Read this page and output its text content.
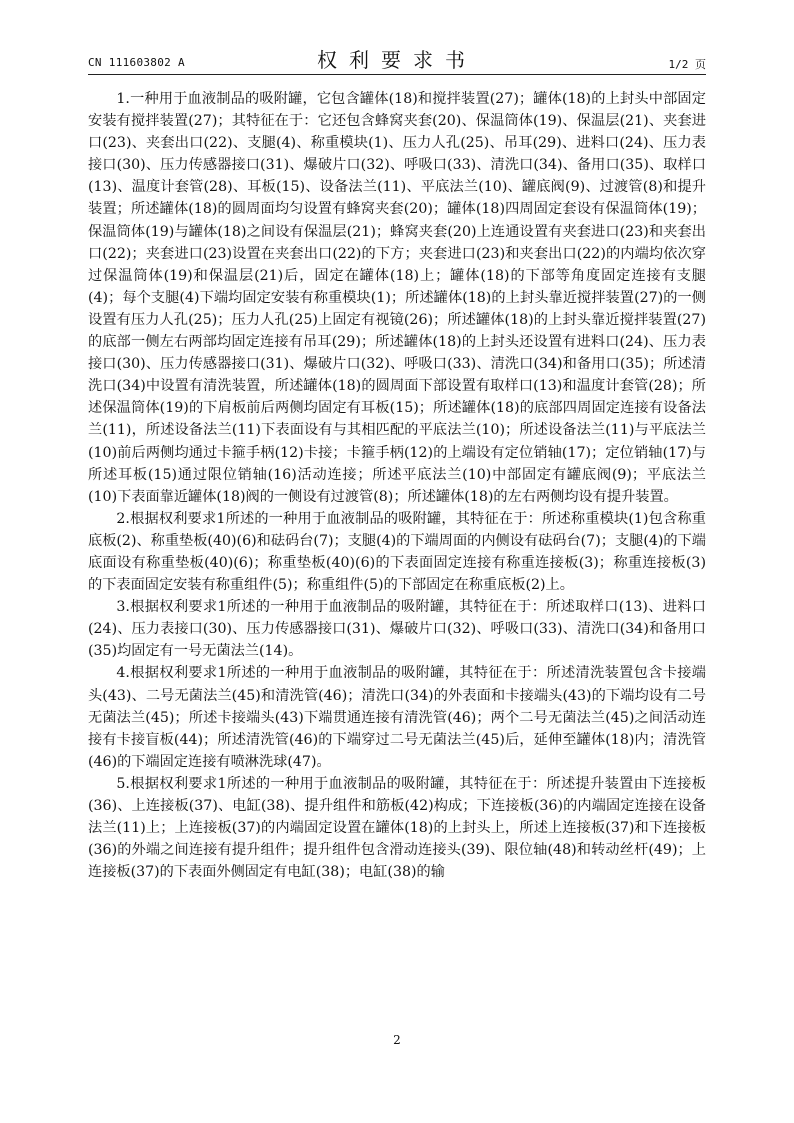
CN 111603802 A	权利要求书	1/2 页

1.一种用于血液制品的吸附罐，它包含罐体(18)和搅拌装置(27)；罐体(18)的上封头中部固定安装有搅拌装置(27)；其特征在于：它还包含蜂窝夹套(20)、保温筒体(19)、保温层(21)、夹套进口(23)、夹套出口(22)、支腿(4)、称重模块(1)、压力人孔(25)、吊耳(29)、进料口(24)、压力表接口(30)、压力传感器接口(31)、爆破片口(32)、呼吸口(33)、清洗口(34)、备用口(35)、取样口(13)、温度计套管(28)、耳板(15)、设备法兰(11)、平底法兰(10)、罐底阀(9)、过渡管(8)和提升装置；所述罐体(18)的圆周面均匀设置有蜂窝夹套(20)；罐体(18)四周固定套设有保温筒体(19)；保温筒体(19)与罐体(18)之间设有保温层(21)；蜂窝夹套(20)上连通设置有夹套进口(23)和夹套出口(22)；夹套进口(23)设置在夹套出口(22)的下方；夹套进口(23)和夹套出口(22)的内端均依次穿过保温筒体(19)和保温层(21)后，固定在罐体(18)上；罐体(18)的下部等角度固定连接有支腿(4)；每个支腿(4)下端均固定安装有称重模块(1)；所述罐体(18)的上封头靠近搅拌装置(27)的一侧设置有压力人孔(25)；压力人孔(25)上固定有视镜(26)；所述罐体(18)的上封头靠近搅拌装置(27)的底部一侧左右两部均固定连接有吊耳(29)；所述罐体(18)的上封头还设置有进料口(24)、压力表接口(30)、压力传感器接口(31)、爆破片口(32)、呼吸口(33)、清洗口(34)和备用口(35)；所述清洗口(34)中设置有清洗装置，所述罐体(18)的圆周面下部设置有取样口(13)和温度计套管(28)；所述保温筒体(19)的下肩板前后两侧均固定有耳板(15)；所述罐体(18)的底部四周固定连接有设备法兰(11)，所述设备法兰(11)下表面设有与其相匹配的平底法兰(10)；所述设备法兰(11)与平底法兰(10)前后两侧均通过卡箍手柄(12)卡接；卡箍手柄(12)的上端设有定位销轴(17)；定位销轴(17)与所述耳板(15)通过限位销轴(16)活动连接；所述平底法兰(10)中部固定有罐底阀(9)；平底法兰(10)下表面靠近罐体(18)阀的一侧设有过渡管(8)；所述罐体(18)的左右两侧均设有提升装置。

2.根据权利要求1所述的一种用于血液制品的吸附罐，其特征在于：所述称重模块(1)包含称重底板(2)、称重垫板(40)(6)和砝码台(7)；支腿(4)的下端周面的内侧设有砝码台(7)；支腿(4)的下端底面设有称重垫板(40)(6)；称重垫板(40)(6)的下表面固定连接有称重连接板(3)；称重连接板(3)的下表面固定安装有称重组件(5)；称重组件(5)的下部固定在称重底板(2)上。

3.根据权利要求1所述的一种用于血液制品的吸附罐，其特征在于：所述取样口(13)、进料口(24)、压力表接口(30)、压力传感器接口(31)、爆破片口(32)、呼吸口(33)、清洗口(34)和备用口(35)均固定有一号无菌法兰(14)。

4.根据权利要求1所述的一种用于血液制品的吸附罐，其特征在于：所述清洗装置包含卡接端头(43)、二号无菌法兰(45)和清洗管(46)；清洗口(34)的外表面和卡接端头(43)的下端均设有二号无菌法兰(45)；所述卡接端头(43)下端贯通连接有清洗管(46)；两个二号无菌法兰(45)之间活动连接有卡接盲板(44)；所述清洗管(46)的下端穿过二号无菌法兰(45)后，延伸至罐体(18)内；清洗管(46)的下端固定连接有喷淋洗球(47)。

5.根据权利要求1所述的一种用于血液制品的吸附罐，其特征在于：所述提升装置由下连接板(36)、上连接板(37)、电缸(38)、提升组件和筋板(42)构成；下连接板(36)的内端固定连接在设备法兰(11)上；上连接板(37)的内端固定设置在罐体(18)的上封头上，所述上连接板(37)和下连接板(36)的外端之间连接有提升组件；提升组件包含滑动连接头(39)、限位轴(48)和转动丝杆(49)；上连接板(37)的下表面外侧固定有电缸(38)；电缸(38)的输

2
